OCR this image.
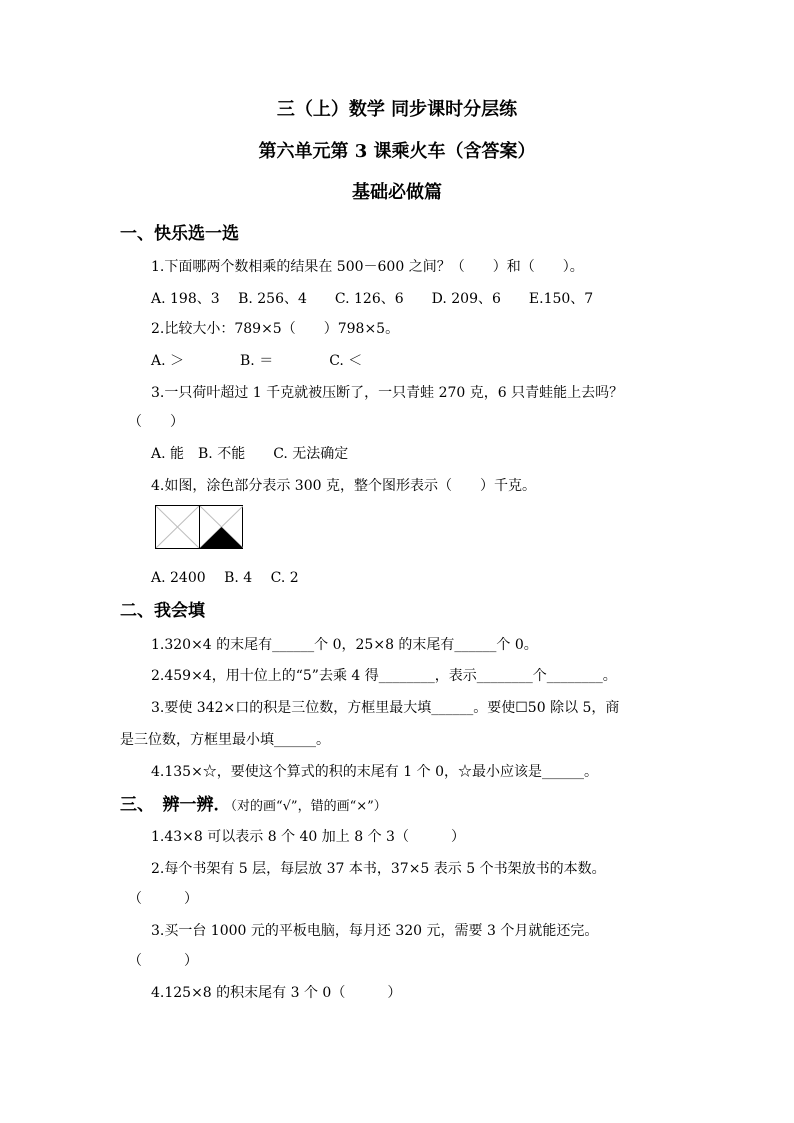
三（上）数学 同步课时分层练
第六单元第 3 课乘火车（含答案）
基础必做篇
一、快乐选一选
1.下面哪两个数相乘的结果在 500－600 之间？（　　）和（　　）。
A. 198、3　 B. 256、4　　C. 126、6　　D. 209、6　　E.150、7
2.比较大小：789×5（　　）798×5。
A. ＞　　　　B. ＝　　　　C. ＜
3.一只荷叶超过 1 千克就被压断了，一只青蛙 270 克，6 只青蛙能上去吗？
（　　）
A. 能　B. 不能　　C. 无法确定
4.如图，涂色部分表示 300 克，整个图形表示（　　）千克。
A. 2400　 B. 4　 C. 2
二、我会填
1.320×4 的末尾有______个 0，25×8 的末尾有______个 0。
2.459×4，用十位上的“5”去乘 4 得________，表示________个________。
3.要使 342×口的积是三位数，方框里最大填______。要使☐50 除以 5，商
是三位数，方框里最小填______。
4.135×☆，要使这个算式的积的末尾有 1 个 0，☆最小应该是______。
三、　辨一辨．（对的画“√”，错的画“×”）
1.43×8 可以表示 8 个 40 加上 8 个 3（　　　）
2.每个书架有 5 层，每层放 37 本书，37×5 表示 5 个书架放书的本数。
（　　　）
3.买一台 1000 元的平板电脑，每月还 320 元，需要 3 个月就能还完。
（　　　）
4.125×8 的积末尾有 3 个 0（　　　）
